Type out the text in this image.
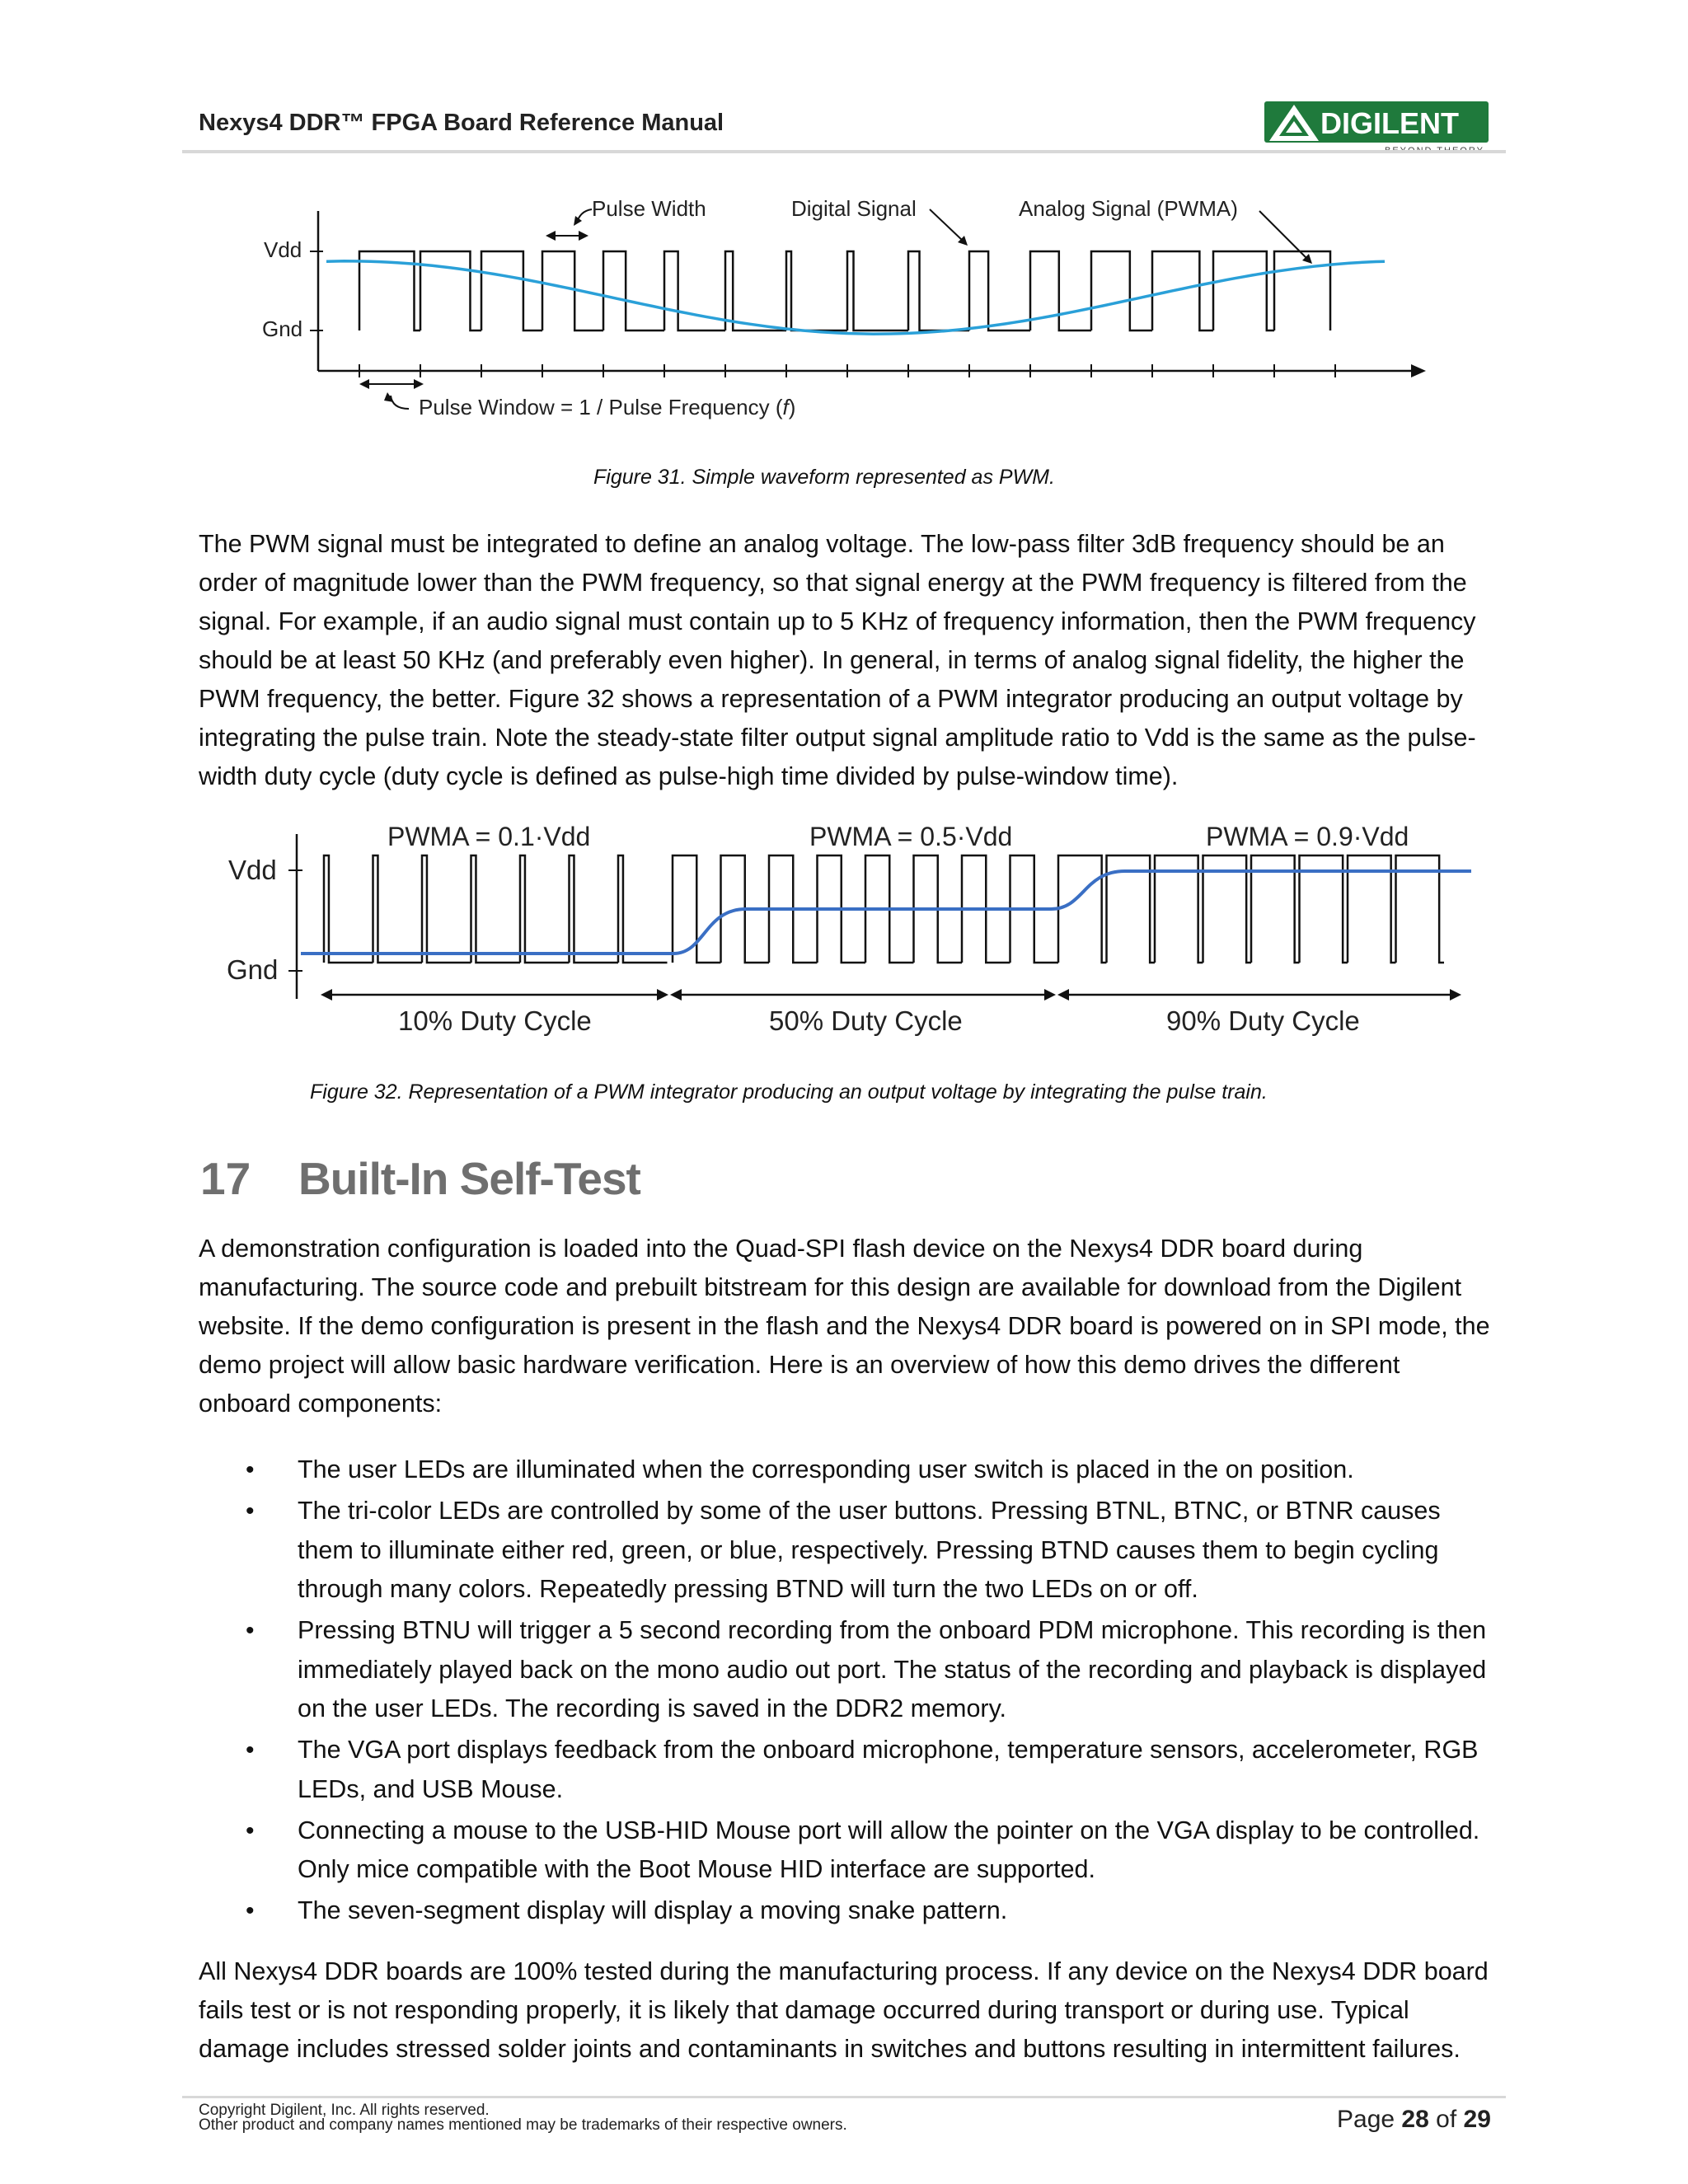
Nexys4 DDR™ FPGA Board Reference Manual	DIGILENT
Vdd
Gnd
Pulse Width	Digital Signal	Analog Signal (PWMA)
Pulse Window = 1 / Pulse Frequency (f)
Figure 31. Simple waveform represented as PWM.
The PWM signal must be integrated to define an analog voltage. The low-pass filter 3dB frequency should be an order of magnitude lower than the PWM frequency, so that signal energy at the PWM frequency is filtered from the signal. For example, if an audio signal must contain up to 5 KHz of frequency information, then the PWM frequency should be at least 50 KHz (and preferably even higher). In general, in terms of analog signal fidelity, the higher the PWM frequency, the better. Figure 32 shows a representation of a PWM integrator producing an output voltage by integrating the pulse train. Note the steady-state filter output signal amplitude ratio to Vdd is the same as the pulse-width duty cycle (duty cycle is defined as pulse-high time divided by pulse-window time).
Vdd
Gnd
PWMA = 0.1·Vdd	PWMA = 0.5·Vdd	PWMA = 0.9·Vdd
10% Duty Cycle	50% Duty Cycle	90% Duty Cycle
Figure 32. Representation of a PWM integrator producing an output voltage by integrating the pulse train.
17 Built-In Self-Test
A demonstration configuration is loaded into the Quad-SPI flash device on the Nexys4 DDR board during manufacturing. The source code and prebuilt bitstream for this design are available for download from the Digilent website. If the demo configuration is present in the flash and the Nexys4 DDR board is powered on in SPI mode, the demo project will allow basic hardware verification. Here is an overview of how this demo drives the different onboard components:
• The user LEDs are illuminated when the corresponding user switch is placed in the on position.
• The tri-color LEDs are controlled by some of the user buttons. Pressing BTNL, BTNC, or BTNR causes them to illuminate either red, green, or blue, respectively. Pressing BTND causes them to begin cycling through many colors. Repeatedly pressing BTND will turn the two LEDs on or off.
• Pressing BTNU will trigger a 5 second recording from the onboard PDM microphone. This recording is then immediately played back on the mono audio out port. The status of the recording and playback is displayed on the user LEDs. The recording is saved in the DDR2 memory.
• The VGA port displays feedback from the onboard microphone, temperature sensors, accelerometer, RGB LEDs, and USB Mouse.
• Connecting a mouse to the USB-HID Mouse port will allow the pointer on the VGA display to be controlled. Only mice compatible with the Boot Mouse HID interface are supported.
• The seven-segment display will display a moving snake pattern.
All Nexys4 DDR boards are 100% tested during the manufacturing process. If any device on the Nexys4 DDR board fails test or is not responding properly, it is likely that damage occurred during transport or during use. Typical damage includes stressed solder joints and contaminants in switches and buttons resulting in intermittent failures.
Copyright Digilent, Inc. All rights reserved.
Other product and company names mentioned may be trademarks of their respective owners.	Page 28 of 29
